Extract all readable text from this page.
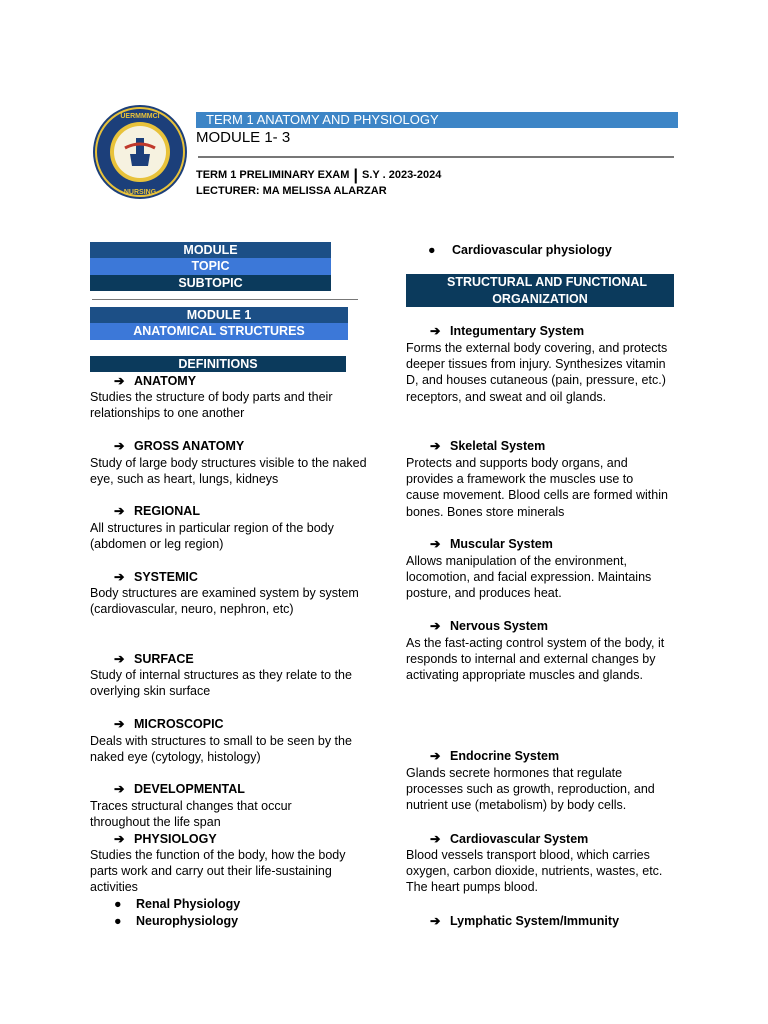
UERMMMCI
NURSING
TERM 1 ANATOMY AND PHYSIOLOGY
MODULE 1- 3
TERM 1 PRELIMINARY EXAM | S.Y . 2023-2024
LECTURER: MA MELISSA ALARZAR
MODULE
TOPIC
SUBTOPIC
MODULE 1
ANATOMICAL STRUCTURES
DEFINITIONS
➔ ANATOMY
Studies the structure of body parts and their relationships to one another
➔ GROSS ANATOMY
Study of large body structures visible to the naked eye, such as heart, lungs, kidneys
➔ REGIONAL
All structures in particular region of the body (abdomen or leg region)
➔ SYSTEMIC
Body structures are examined system by system (cardiovascular, neuro, nephron, etc)
➔ SURFACE
Study of internal structures as they relate to the overlying skin surface
➔ MICROSCOPIC
Deals with structures to small to be seen by the naked eye (cytology, histology)
➔ DEVELOPMENTAL
Traces structural changes that occur throughout the life span
➔ PHYSIOLOGY
Studies the function of the body, how the body parts work and carry out their life-sustaining activities
● Renal Physiology
● Neurophysiology
● Cardiovascular physiology
STRUCTURAL AND FUNCTIONAL
ORGANIZATION
➔ Integumentary System
Forms the external body covering, and protects deeper tissues from injury. Synthesizes vitamin D, and houses cutaneous (pain, pressure, etc.) receptors, and sweat and oil glands.
➔ Skeletal System
Protects and supports body organs, and provides a framework the muscles use to cause movement. Blood cells are formed within bones. Bones store minerals
➔ Muscular System
Allows manipulation of the environment, locomotion, and facial expression. Maintains posture, and produces heat.
➔ Nervous System
As the fast-acting control system of the body, it responds to internal and external changes by activating appropriate muscles and glands.
➔ Endocrine System
Glands secrete hormones that regulate processes such as growth, reproduction, and nutrient use (metabolism) by body cells.
➔ Cardiovascular System
Blood vessels transport blood, which carries oxygen, carbon dioxide, nutrients, wastes, etc. The heart pumps blood.
➔ Lymphatic System/Immunity
